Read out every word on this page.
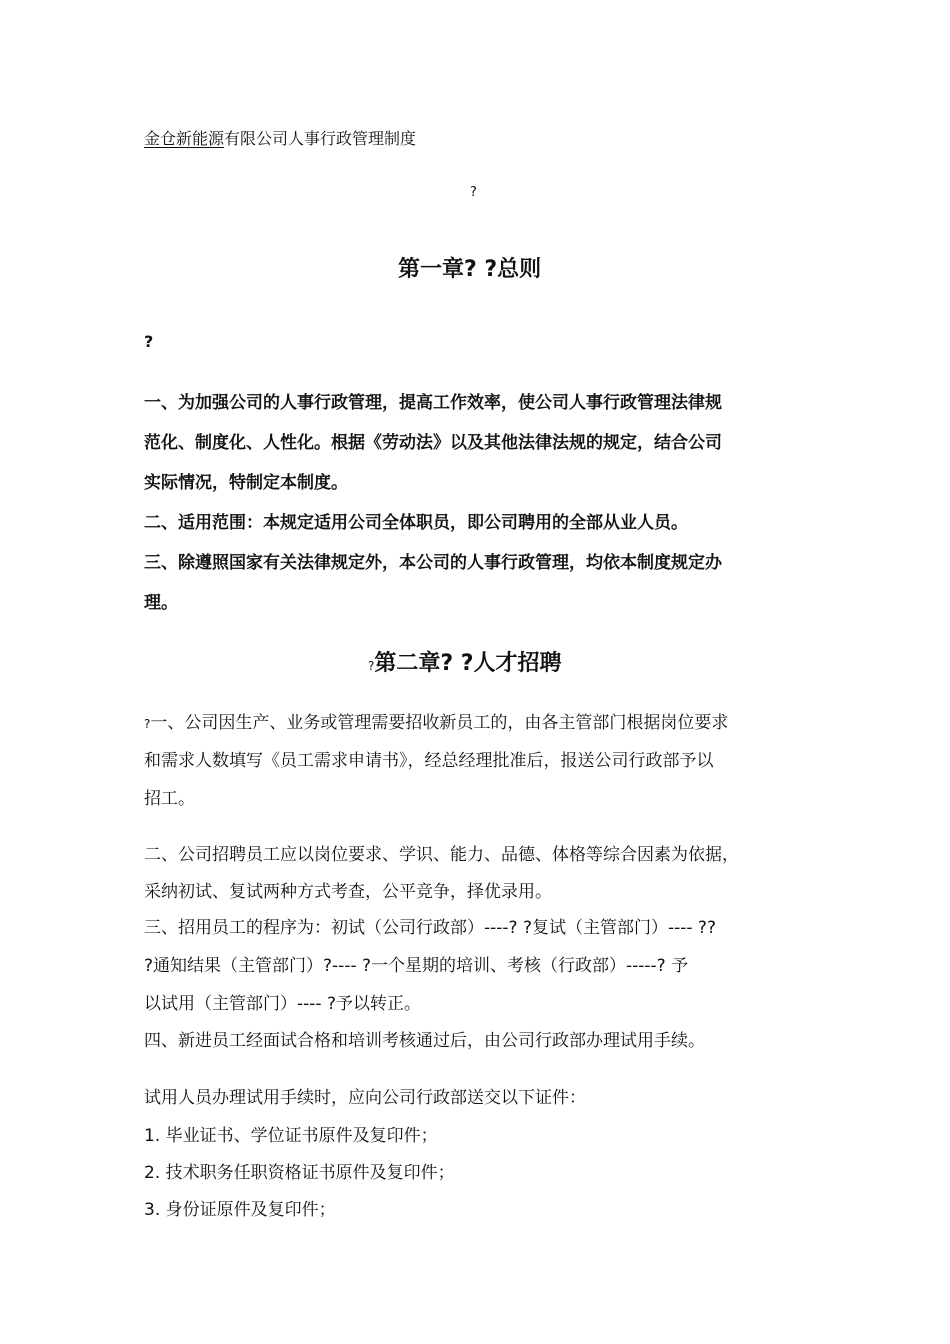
金仓新能源有限公司人事行政管理制度
?
第一章? ?总则
?
一、为加强公司的人事行政管理，提高工作效率，使公司人事行政管理法律规
范化、制度化、人性化。根据《劳动法》以及其他法律法规的规定，结合公司
实际情况，特制定本制度。
二、适用范围：本规定适用公司全体职员，即公司聘用的全部从业人员。
三、除遵照国家有关法律规定外，本公司的人事行政管理，均依本制度规定办
理。
?第二章? ?人才招聘
?一、公司因生产、业务或管理需要招收新员工的，由各主管部门根据岗位要求
和需求人数填写《员工需求申请书》，经总经理批准后，报送公司行政部予以
招工。
二、公司招聘员工应以岗位要求、学识、能力、品德、体格等综合因素为依据，
采纳初试、复试两种方式考查，公平竞争，择优录用。
三、招用员工的程序为：初试（公司行政部）----? ?复试（主管部门）---- ??
?通知结果（主管部门）?---- ?一个星期的培训、考核（行政部）-----? 予
以试用（主管部门）---- ?予以转正。
四、新进员工经面试合格和培训考核通过后，由公司行政部办理试用手续。
试用人员办理试用手续时，应向公司行政部送交以下证件：
1. 毕业证书、学位证书原件及复印件；
2. 技术职务任职资格证书原件及复印件；
3. 身份证原件及复印件；
